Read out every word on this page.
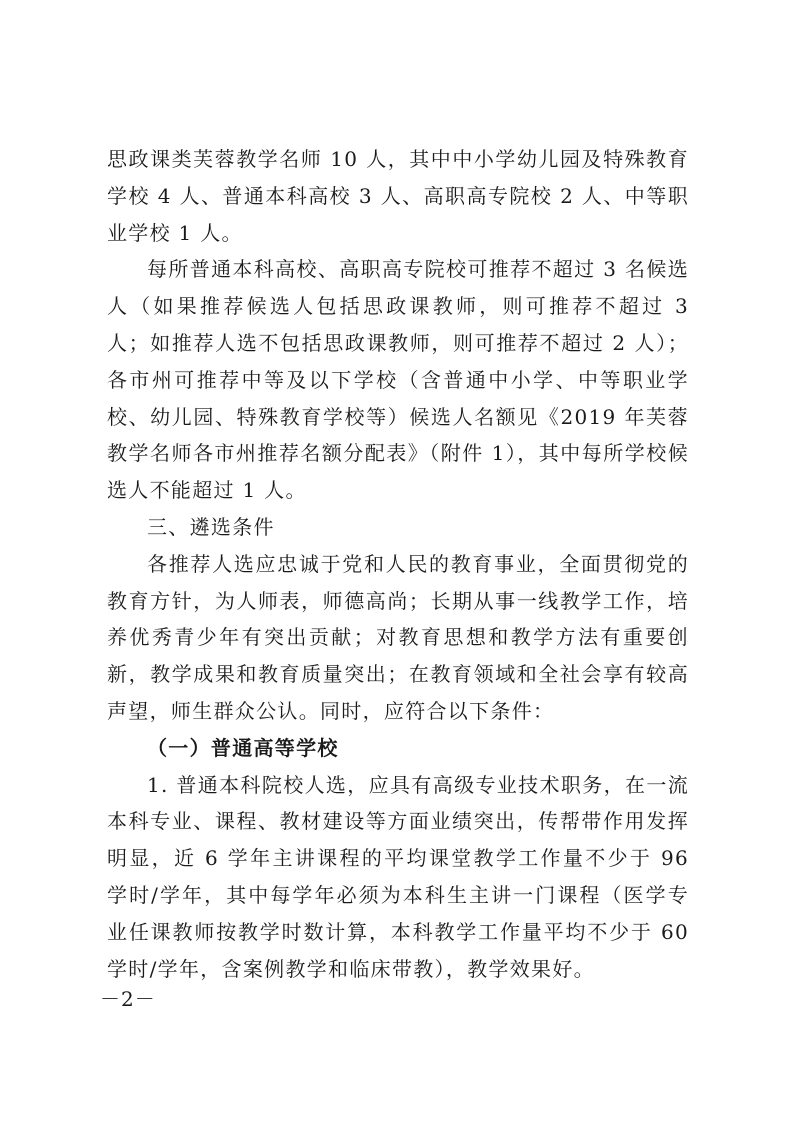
思政课类芙蓉教学名师 10 人，其中中小学幼儿园及特殊教育学校 4 人、普通本科高校 3 人、高职高专院校 2 人、中等职业学校 1 人。

每所普通本科高校、高职高专院校可推荐不超过 3 名候选人（如果推荐候选人包括思政课教师，则可推荐不超过 3 人；如推荐人选不包括思政课教师，则可推荐不超过 2 人）；各市州可推荐中等及以下学校（含普通中小学、中等职业学校、幼儿园、特殊教育学校等）候选人名额见《2019 年芙蓉教学名师各市州推荐名额分配表》（附件 1），其中每所学校候选人不能超过 1 人。

三、遴选条件

各推荐人选应忠诚于党和人民的教育事业，全面贯彻党的教育方针，为人师表，师德高尚；长期从事一线教学工作，培养优秀青少年有突出贡献；对教育思想和教学方法有重要创新，教学成果和教育质量突出；在教育领域和全社会享有较高声望，师生群众公认。同时，应符合以下条件：

（一）普通高等学校

1. 普通本科院校人选，应具有高级专业技术职务，在一流本科专业、课程、教材建设等方面业绩突出，传帮带作用发挥明显，近 6 学年主讲课程的平均课堂教学工作量不少于 96 学时/学年，其中每学年必须为本科生主讲一门课程（医学专业任课教师按教学时数计算，本科教学工作量平均不少于 60 学时/学年，含案例教学和临床带教），教学效果好。

－2－
